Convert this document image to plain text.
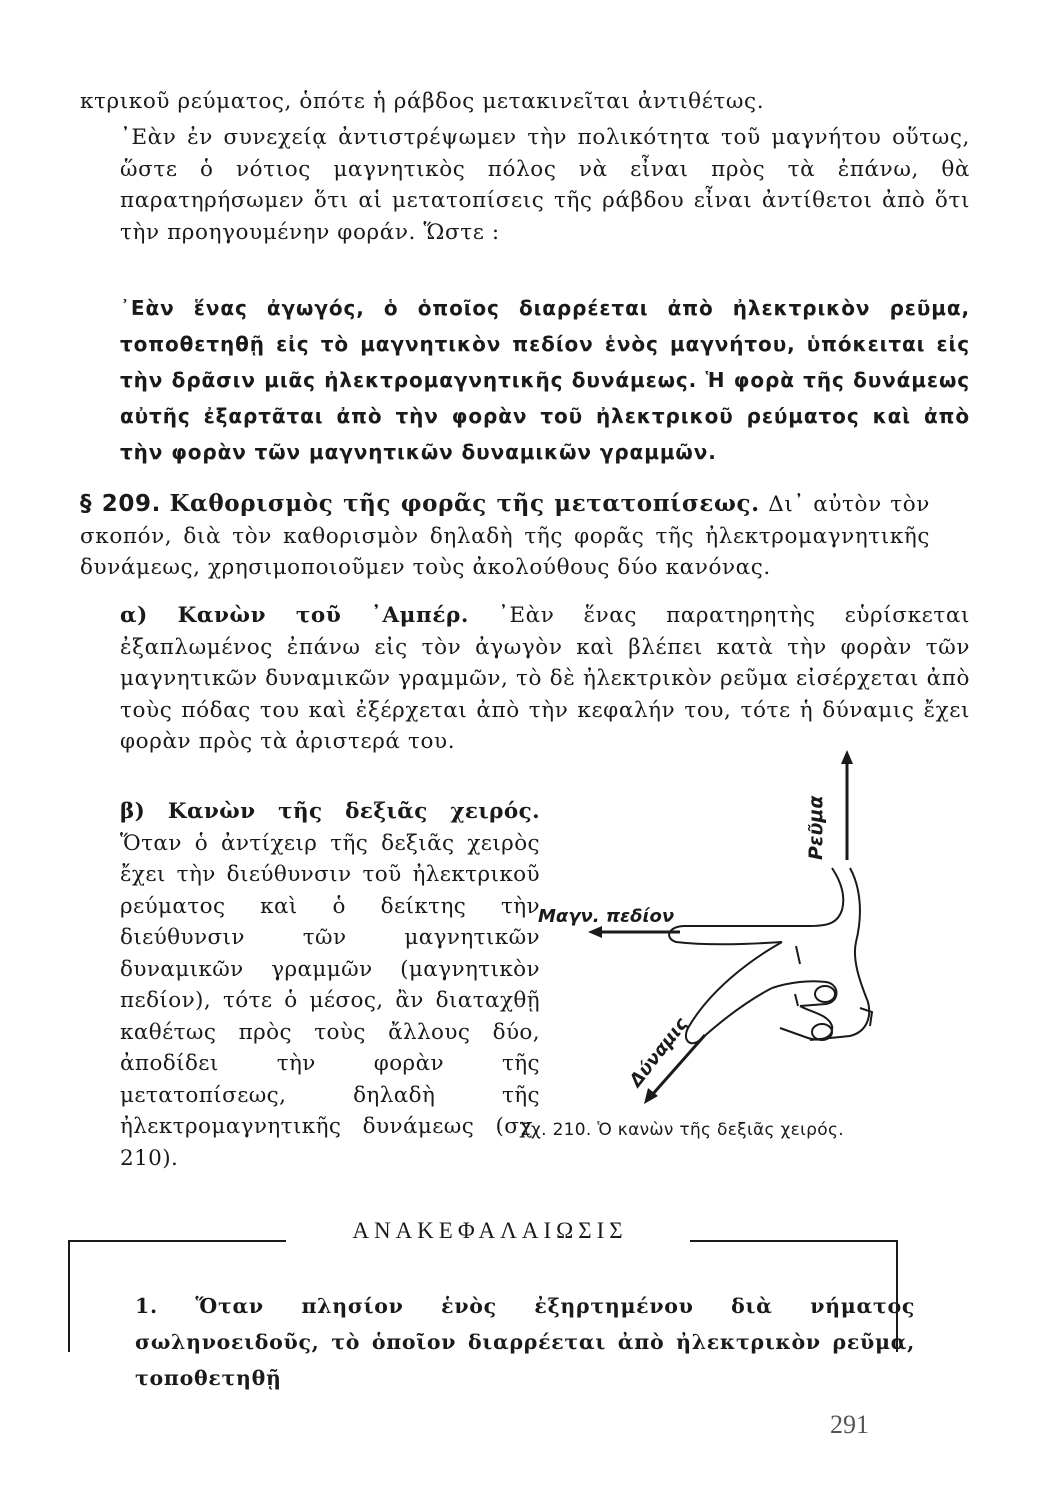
κτρικοῦ ρεύματος, ὁπότε ἡ ράβδος μετακινεῖται ἀντιθέτως.

᾿Εὰν ἐν συνεχείᾳ ἀντιστρέψωμεν τὴν πολικότητα τοῦ μαγνήτου οὕτως, ὥστε ὁ νότιος μαγνητικὸς πόλος νὰ εἶναι πρὸς τὰ ἐπάνω, θὰ παρατηρήσωμεν ὅτι αἱ μετατοπίσεις τῆς ράβδου εἶναι ἀντίθετοι ἀπὸ ὅτι τὴν προηγουμένην φοράν. Ὥστε :

᾿Εὰν ἕνας ἀγωγός, ὁ ὁποῖος διαρρέεται ἀπὸ ἠλεκτρικὸν ρεῦμα, τοποθετηθῇ εἰς τὸ μαγνητικὸν πεδίον ἑνὸς μαγνήτου, ὑπόκειται εἰς τὴν δρᾶσιν μιᾶς ἠλεκτρομαγνητικῆς δυνάμεως. Ἡ φορὰ τῆς δυνάμεως αὐτῆς ἐξαρτᾶται ἀπὸ τὴν φορὰν τοῦ ἠλεκτρικοῦ ρεύματος καὶ ἀπὸ τὴν φορὰν τῶν μαγνητικῶν δυναμικῶν γραμμῶν.

§ 209. Καθορισμὸς τῆς φορᾶς τῆς μετατοπίσεως. Δι᾿ αὐτὸν τὸν σκοπόν, διὰ τὸν καθορισμὸν δηλαδὴ τῆς φορᾶς τῆς ἠλεκτρομαγνητικῆς δυνάμεως, χρησιμοποιοῦμεν τοὺς ἀκολούθους δύο κανόνας.

α) Κανὼν τοῦ ᾿Αμπέρ. ᾿Εὰν ἕνας παρατηρητὴς εὑρίσκεται ἐξαπλωμένος ἐπάνω εἰς τὸν ἀγωγὸν καὶ βλέπει κατὰ τὴν φορὰν τῶν μαγνητικῶν δυναμικῶν γραμμῶν, τὸ δὲ ἠλεκτρικὸν ρεῦμα εἰσέρχεται ἀπὸ τοὺς πόδας του καὶ ἐξέρχεται ἀπὸ τὴν κεφαλήν του, τότε ἡ δύναμις ἔχει φορὰν πρὸς τὰ ἀριστερά του.

β) Κανὼν τῆς δεξιᾶς χειρός. Ὅταν ὁ ἀντίχειρ τῆς δεξιᾶς χειρὸς ἔχει τὴν διεύθυνσιν τοῦ ἠλεκτρικοῦ ρεύματος καὶ ὁ δείκτης τὴν διεύθυνσιν τῶν μαγνητικῶν δυναμικῶν γραμμῶν (μαγνητικὸν πεδίον), τότε ὁ μέσος, ἂν διαταχθῇ καθέτως πρὸς τοὺς ἄλλους δύο, ἀποδίδει τὴν φορὰν τῆς μετατοπίσεως, δηλαδὴ τῆς ἠλεκτρομαγνητικῆς δυνάμεως (σχ. 210).

Ρεῦμα
Μαγν. πεδίον
Δύναμις
Σχ. 210. Ὁ κανὼν τῆς δεξιᾶς χειρός.
ΑΝΑΚΕΦΑΛΑΙΩΣΙΣ

1. Ὅταν πλησίον ἑνὸς ἐξηρτημένου διὰ νήματος σωληνοειδοῦς, τὸ ὁποῖον διαρρέεται ἀπὸ ἠλεκτρικὸν ρεῦμα, τοποθετηθῇ

291
